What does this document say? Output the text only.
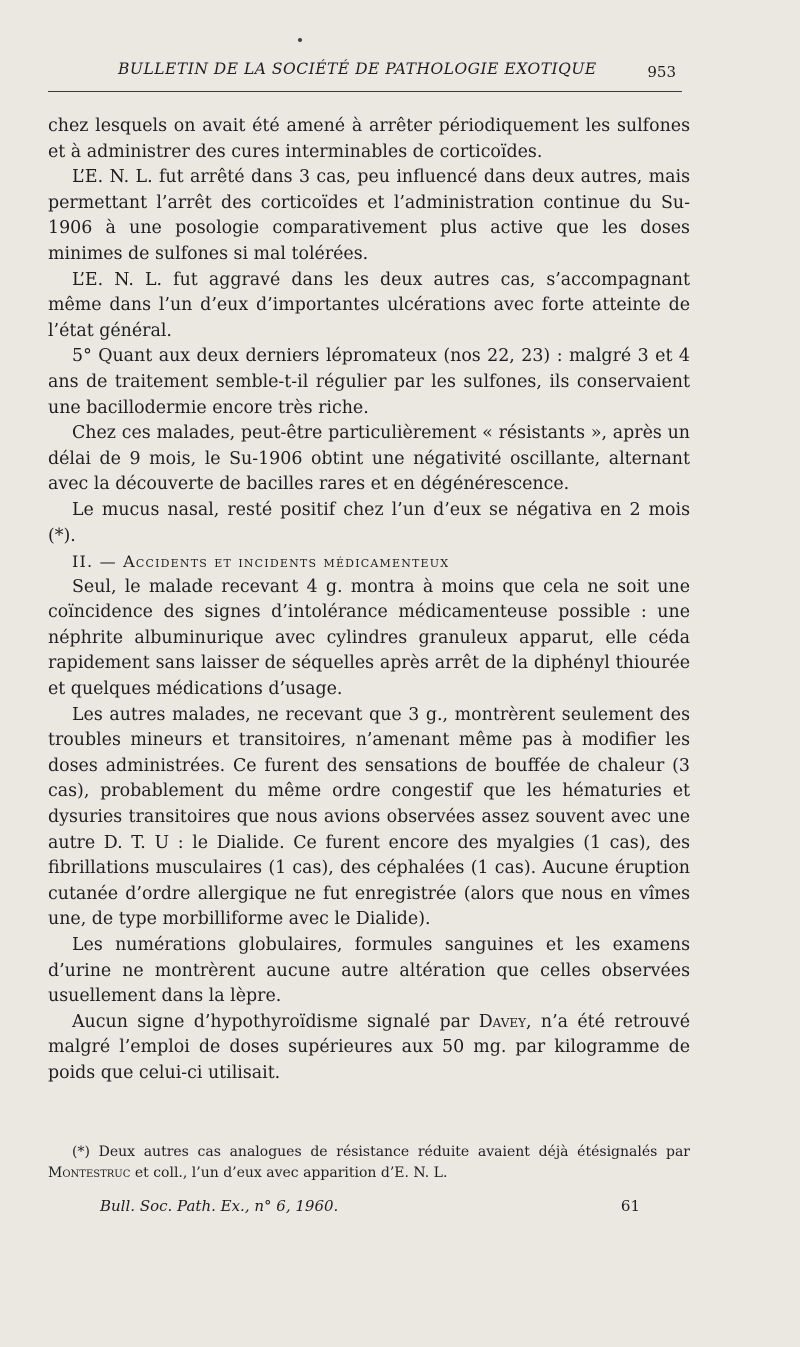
BULLETIN DE LA SOCIÉTÉ DE PATHOLOGIE EXOTIQUE	953

chez lesquels on avait été amené à arrêter périodiquement les sulfones et à administrer des cures interminables de corticoïdes.

L’E. N. L. fut arrêté dans 3 cas, peu influencé dans deux autres, mais permettant l’arrêt des corticoïdes et l’administration continue du Su-1906 à une posologie comparativement plus active que les doses minimes de sulfones si mal tolérées.

L’E. N. L. fut aggravé dans les deux autres cas, s’accompagnant même dans l’un d’eux d’importantes ulcérations avec forte atteinte de l’état général.

5° Quant aux deux derniers lépromateux (nos 22, 23) : malgré 3 et 4 ans de traitement semble-t-il régulier par les sulfones, ils conservaient une bacillodermie encore très riche.

Chez ces malades, peut-être particulièrement « résistants », après un délai de 9 mois, le Su-1906 obtint une négativité oscillante, alternant avec la découverte de bacilles rares et en dégénérescence.

Le mucus nasal, resté positif chez l’un d’eux se négativa en 2 mois (*).

II. — Accidents et incidents médicamenteux

Seul, le malade recevant 4 g. montra à moins que cela ne soit une coïncidence des signes d’intolérance médicamenteuse possible : une néphrite albuminurique avec cylindres granuleux apparut, elle céda rapidement sans laisser de séquelles après arrêt de la diphényl thiourée et quelques médications d’usage.

Les autres malades, ne recevant que 3 g., montrèrent seulement des troubles mineurs et transitoires, n’amenant même pas à modifier les doses administrées. Ce furent des sensations de bouffée de chaleur (3 cas), probablement du même ordre congestif que les hématuries et dysuries transitoires que nous avions observées assez souvent avec une autre D. T. U : le Dialide. Ce furent encore des myalgies (1 cas), des fibrillations musculaires (1 cas), des céphalées (1 cas). Aucune éruption cutanée d’ordre allergique ne fut enregistrée (alors que nous en vîmes une, de type morbilliforme avec le Dialide).

Les numérations globulaires, formules sanguines et les examens d’urine ne montrèrent aucune autre altération que celles observées usuellement dans la lèpre.

Aucun signe d’hypothyroïdisme signalé par Davey, n’a été retrouvé malgré l’emploi de doses supérieures aux 50 mg. par kilogramme de poids que celui-ci utilisait.

(*) Deux autres cas analogues de résistance réduite avaient déjà étésignalés par Montestruc et coll., l’un d’eux avec apparition d’E. N. L.
Bull. Soc. Path. Ex., n° 6, 1960.	61
